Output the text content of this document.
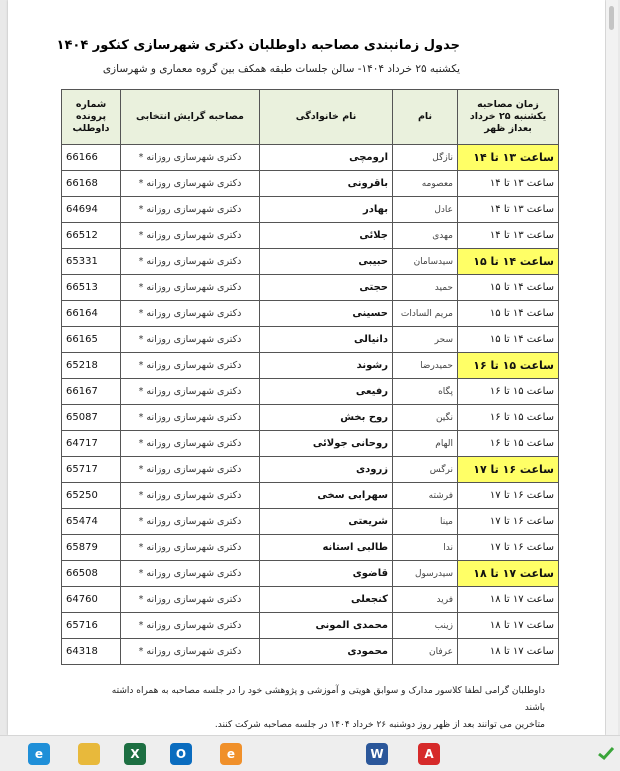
جدول زمانبندی مصاحبه داوطلبان دکتری شهرسازی کنکور ۱۴۰۴
یکشنبه ۲۵ خرداد ۱۴۰۴- سالن جلسات طبقه همکف بین گروه معماری و شهرسازی
زمان مصاحبه یکشنبه ۲۵ خرداد بعداز ظهر	نام	نام خانوادگی	مصاحبه گرایش انتخابی	شماره پرونده داوطلب
ساعت ۱۳ تا ۱۴	نازگل	ارومچی	دکتری شهرسازی روزانه *	66166
ساعت ۱۳ تا ۱۴	معصومه	باقرونی	دکتری شهرسازی روزانه *	66168
ساعت ۱۳ تا ۱۴	عادل	بهادر	دکتری شهرسازی روزانه *	64694
ساعت ۱۳ تا ۱۴	مهدی	جلائی	دکتری شهرسازی روزانه *	66512
ساعت ۱۴ تا ۱۵	سیدسامان	حبیبی	دکتری شهرسازی روزانه *	65331
ساعت ۱۴ تا ۱۵	حمید	حجتی	دکتری شهرسازی روزانه *	66513
ساعت ۱۴ تا ۱۵	مریم السادات	حسینی	دکتری شهرسازی روزانه *	66164
ساعت ۱۴ تا ۱۵	سحر	دانیالی	دکتری شهرسازی روزانه *	66165
ساعت ۱۵ تا ۱۶	حمیدرضا	رشوند	دکتری شهرسازی روزانه *	65218
ساعت ۱۵ تا ۱۶	پگاه	رفیعی	دکتری شهرسازی روزانه *	66167
ساعت ۱۵ تا ۱۶	نگین	روح بخش	دکتری شهرسازی روزانه *	65087
ساعت ۱۵ تا ۱۶	الهام	روحانی جولائی	دکتری شهرسازی روزانه *	64717
ساعت ۱۶ تا ۱۷	نرگس	زرودی	دکتری شهرسازی روزانه *	65717
ساعت ۱۶ تا ۱۷	فرشته	سهرابی سخی	دکتری شهرسازی روزانه *	65250
ساعت ۱۶ تا ۱۷	مینا	شریعتی	دکتری شهرسازی روزانه *	65474
ساعت ۱۶ تا ۱۷	ندا	طالبی استانه	دکتری شهرسازی روزانه *	65879
ساعت ۱۷ تا ۱۸	سیدرسول	قاضوی	دکتری شهرسازی روزانه *	66508
ساعت ۱۷ تا ۱۸	فرید	کنجعلی	دکتری شهرسازی روزانه *	64760
ساعت ۱۷ تا ۱۸	زینب	محمدی المونی	دکتری شهرسازی روزانه *	65716
ساعت ۱۷ تا ۱۸	عرفان	محمودی	دکتری شهرسازی روزانه *	64318
داوطلبان گرامی لطفا کلاسور مدارک و سوابق هویتی و آموزشی و پژوهشی خود را در جلسه مصاحبه به همراه داشته باشند
متاخرین می توانند بعد از ظهر روز دوشنبه ۲۶ خرداد ۱۴۰۴ در جلسه مصاحبه شرکت کنند.
e	X	O	e	W	A
